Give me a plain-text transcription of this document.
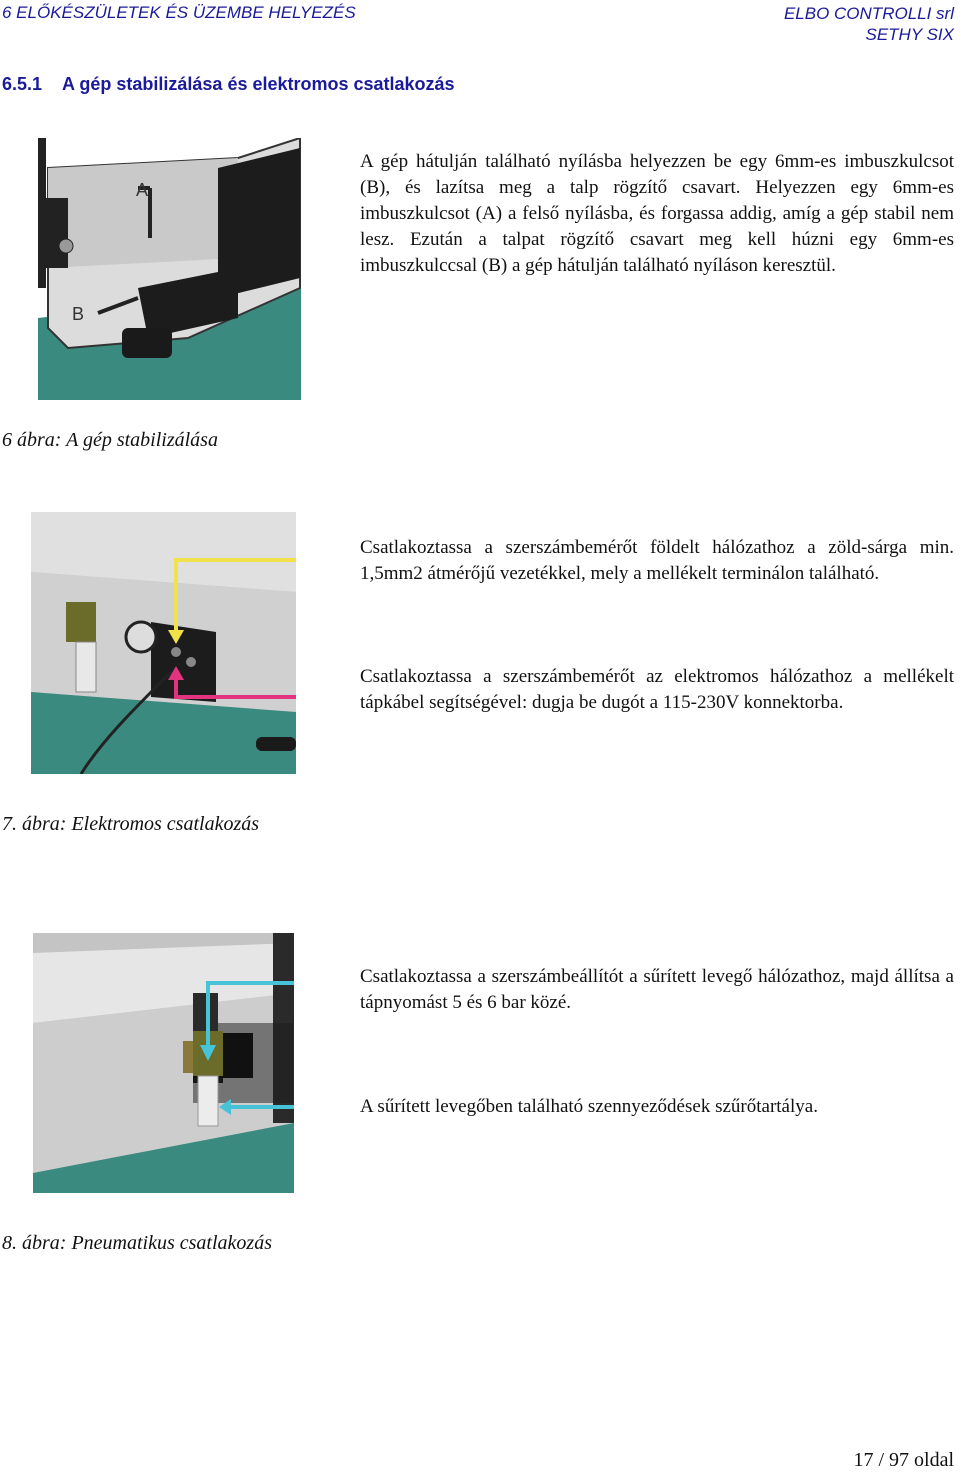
6 ELŐKÉSZÜLETEK ÉS ÜZEMBE HELYEZÉS	ELBO CONTROLLI srl
SETHY SIX
6.5.1 A gép stabilizálása és elektromos csatlakozás
A
B

A gép hátulján található nyílásba helyezzen be egy 6mm-es imbuszkulcsot (B), és lazítsa meg a talp rögzítő csavart. Helyezzen egy 6mm-es imbuszkulcsot (A) a felső nyílásba, és forgassa addig, amíg a gép stabil nem lesz. Ezután a talpat rögzítő csavart meg kell húzni egy 6mm-es imbuszkulccsal (B) a gép hátulján található nyíláson keresztül.

6 ábra: A gép stabilizálása

Csatlakoztassa a szerszámbemérőt földelt hálózathoz a zöld-sárga min. 1,5mm2 átmérőjű vezetékkel, mely a mellékelt terminálon található.

Csatlakoztassa a szerszámbemérőt az elektromos hálózathoz a mellékelt tápkábel segítségével: dugja be dugót a 115-230V konnektorba.

7. ábra: Elektromos csatlakozás

Csatlakoztassa a szerszámbeállítót a sűrített levegő hálózathoz, majd állítsa a tápnyomást 5 és 6 bar közé.

A sűrített levegőben található szennyeződések szűrőtartálya.

8. ábra: Pneumatikus csatlakozás
17 / 97 oldal
